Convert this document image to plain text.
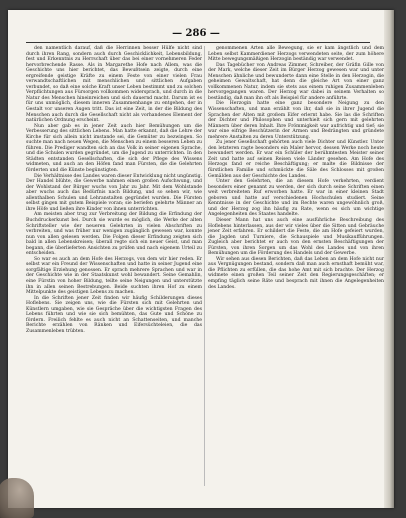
— 286 —

den namentlich darauf, daß die Herrinnen besser Hülfe nicht sind durch ihren Rang, sondern auch durch Geschicklichkeit, Lebensbildung, fest und Erkenntnis zu Herrschaft über das bei einer vornehmeren Feder hervorbrechende Rasse. Als in Margarethe Hofe nach Allem, was die Geschichte uns hier berichtet, das Bewußtsein zeigte, durch eine ergreifende geistige Kräfte zu einem Feste von einer vielen Frau verwandtschaftlichen mit menschlichen und sittlichen Aufgaben verbundet, so daß eine solche Kraft unser Leben bestimmt und zu solchen Verpflichtungen aus Fürsorgen vollkommen widersprach, und durch in die Natur des Menschen hineinreichen und sich dauernd macht. Darum ist es für uns unmöglich, diesem inneren Zusammenhange zu entgehen, der in Gestalt vor unseren Augen tritt. Das ist eine Zeit, in der die Bildung des Menschen auch durch die Gesellschaft nicht als vorhandenes Element der natürlichen Ordnung erscheint.

Nun aber gab es in jener Zeit auch hier Bemühungen um die Verbesserung des sittlichen Lebens. Man hatte erkannt, daß die Lehre der Kirche für sich allein nicht imstande sei, die Gemüter zu bezwingen. So suchte man nach neuen Wegen, die Menschen zu einem besseren Leben zu führen. Die Prediger wandten sich an das Volk in seiner eigenen Sprache, und die Schulen wurden gegründet, um die Jugend zu unterrichten. In den Städten entstanden Gesellschaften, die sich der Pflege des Wissens widmeten, und auch an den Höfen fand man Fürsten, die die Gelehrten förderten und die Künste begünstigten.

Die Verhältnisse des Landes waren dieser Entwicklung nicht ungünstig. Der Handel blühte, die Gewerbe nahmen einen großen Aufschwung, und der Wohlstand der Bürger wuchs von Jahr zu Jahr. Mit dem Wohlstande aber wuchs auch das Bedürfnis nach Bildung, und so sehen wir, wie allenthalben Schulen und Lehranstalten gegründet wurden. Die Fürsten selbst gingen mit gutem Beispiele voran; sie beriefen gelehrte Männer an ihre Höfe und ließen ihre Kinder von ihnen unterrichten.

Am meisten aber trug zur Verbreitung der Bildung die Erfindung der Buchdruckerkunst bei. Durch sie wurde es möglich, die Werke der alten Schriftsteller wie der neueren Gelehrten in vielen Abschriften zu verbreiten, und was früher nur wenigen zugänglich gewesen war, konnte nun von allen gelesen werden. Die Folgen dieser Erfindung zeigten sich bald in allen Lebenskreisen; überall regte sich ein neuer Geist, und man begann, die überlieferten Ansichten zu prüfen und nach eigenem Urteil zu entscheiden.

So war es auch an dem Hofe des Herzogs, von dem wir hier reden. Er selbst war ein Freund der Wissenschaften und hatte in seiner Jugend eine sorgfältige Erziehung genossen. Er sprach mehrere Sprachen und war in der Geschichte wie in der Staatskunst wohl bewandert. Seine Gemahlin, eine Fürstin von hoher Bildung, teilte seine Neigungen und unterstützte ihn in allen seinen Bestrebungen. Beide suchten ihren Hof zu einem Mittelpunkte des geistigen Lebens zu machen.

In die Schriften jener Zeit finden wir häufig Schilderungen dieses Hoflebens. Sie zeigen uns, wie die Fürsten sich mit Gelehrten und Künstlern umgaben, wie sie Gespräche über die wichtigsten Fragen des Lebens führten und wie sie sich bemühten, das Gute und Schöne zu fördern. Freilich fehlte es auch nicht an Schattenseiten, und manche Berichte erzählen von Ränken und Eifersüchteleien, die das Zusammenleben trübten.

genommenen Arten alle Bewegung, sie er kam ängstlich und dem Leben selbst Kammerdiener Herzogs verwendeten seite, der zum höhere Mitte bewegungsmäßigen Herzogin beständig war verwendet.

Das Tagebücher von Andreas Zimmer, Schreiber, der Gräfin Gille von der Mark, welche dieser Zeit im Bürger Herzog gewesen war und unter Menschen ähnliche und bewunderte dann eine Stelle in den Herzogin, die geheimen Gewaltschaft, hat denn die gleiche Art von einer ganz vollkommenen Natur, indem sie stets aus einem ruhigen Zusammenleben hervorgegangen waren. Der Herzog war dabei in seinem Verhalten so beständig, daß man ihn oft als Beispiel für andere anführte.

Die Herzogin hatte eine ganz besondere Neigung zu den Wissenschaften, und man erzählt von ihr, daß sie in ihrer Jugend die Sprachen der Alten mit großem Eifer erlernt habe. Sie las die Schriften der Dichter und Philosophen und unterhielt sich gern mit gelehrten Männern über deren Inhalt. Ihre Frömmigkeit war aufrichtig und tief; sie war eine eifrige Beschützerin der Armen und Bedrängten und gründete mehrere Anstalten zu deren Unterstützung.

Zu jener Gesellschaft gehörten auch viele Dichter und Künstler. Unter den letzteren ragte besonders ein Maler hervor, dessen Werke noch heute bewundert werden. Er war ein Schüler der berühmtesten Meister seiner Zeit und hatte auf seinen Reisen viele Länder gesehen. Am Hofe des Herzogs fand er reiche Beschäftigung; er malte die Bildnisse der fürstlichen Familie und schmückte die Säle des Schlosses mit großen Gemälden aus der Geschichte des Landes.

Unter den Gelehrten, die an diesem Hofe verkehrten, verdient besonders einer genannt zu werden, der sich durch seine Schriften einen weit verbreiteten Ruf erworben hatte. Er war in einer kleinen Stadt geboren und hatte auf verschiedenen Hochschulen studiert. Seine Kenntnisse in der Geschichte und im Rechte waren ungewöhnlich groß, und der Herzog zog ihn häufig zu Rate, wenn es sich um wichtige Angelegenheiten des Staates handelte.

Dieser Mann hat uns auch eine ausführliche Beschreibung des Hoflebens hinterlassen, aus der wir vieles über die Sitten und Gebräuche jener Zeit erfahren. Er schildert die Feste, die am Hofe gefeiert wurden, die Jagden und Turniere, die Schauspiele und Musikaufführungen. Zugleich aber berichtet er auch von den ernsten Beschäftigungen der Fürsten, von ihren Sorgen um das Wohl des Landes und von ihren Bemühungen um die Förderung des Handels und der Gewerbe.

Wir sehen aus diesen Berichten, daß das Leben an dem Hofe nicht nur aus Vergnügungen bestand, sondern daß man auch ernsthaft bemüht war, die Pflichten zu erfüllen, die das hohe Amt mit sich brachte. Der Herzog widmete einen großen Teil seiner Zeit den Regierungsgeschäften; er empfing täglich seine Räte und besprach mit ihnen die Angelegenheiten des Landes.
